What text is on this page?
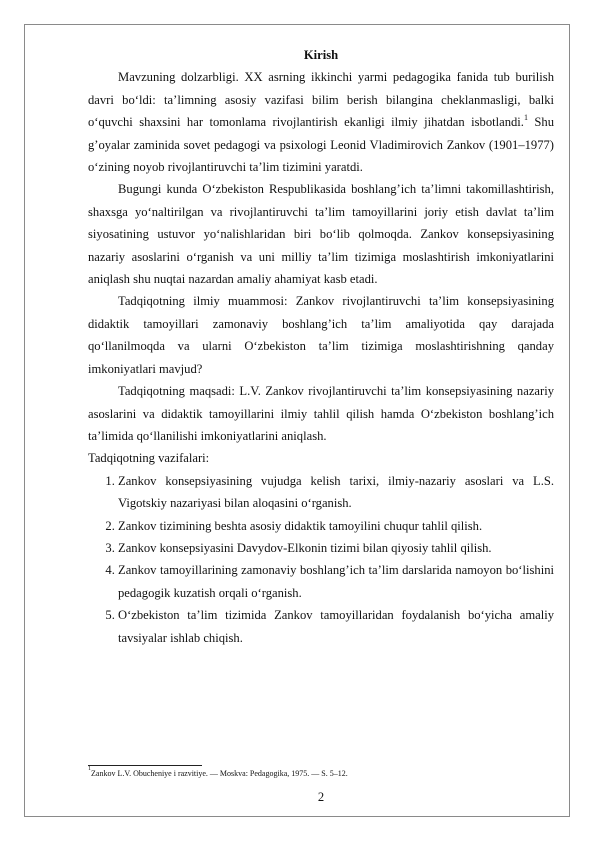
Kirish

Mavzuning dolzarbligi. XX asrning ikkinchi yarmi pedagogika fanida tub burilish davri bo‘ldi: ta’limning asosiy vazifasi bilim berish bilangina cheklanmasligi, balki o‘quvchi shaxsini har tomonlama rivojlantirish ekanligi ilmiy jihatdan isbotlandi.$^1$ Shu g’oyalar zaminida sovet pedagogi va psixologi Leonid Vladimirovich Zankov (1901–1977) o‘zining noyob rivojlantiruvchi ta’lim tizimini yaratdi.

Bugungi kunda O‘zbekiston Respublikasida boshlang’ich ta’limni takomillashtirish, shaxsga yo‘naltirilgan va rivojlantiruvchi ta’lim tamoyillarini joriy etish davlat ta’lim siyosatining ustuvor yo‘nalishlaridan biri bo‘lib qolmoqda. Zankov konsepsiyasining nazariy asoslarini o‘rganish va uni milliy ta’lim tizimiga moslashtirish imkoniyatlarini aniqlash shu nuqtai nazardan amaliy ahamiyat kasb etadi.

Tadqiqotning ilmiy muammosi: Zankov rivojlantiruvchi ta’lim konsepsiyasining didaktik tamoyillari zamonaviy boshlang’ich ta’lim amaliyotida qay darajada qo‘llanilmoqda va ularni O‘zbekiston ta’lim tizimiga moslashtirishning qanday imkoniyatlari mavjud?

Tadqiqotning maqsadi: L.V. Zankov rivojlantiruvchi ta’lim konsepsiyasining nazariy asoslarini va didaktik tamoyillarini ilmiy tahlil qilish hamda O‘zbekiston boshlang’ich ta’limida qo‘llanilishi imkoniyatlarini aniqlash.

Tadqiqotning vazifalari:

1. Zankov konsepsiyasining vujudga kelish tarixi, ilmiy-nazariy asoslari va L.S. Vigotskiy nazariyasi bilan aloqasini o‘rganish.
2. Zankov tizimining beshta asosiy didaktik tamoyilini chuqur tahlil qilish.
3. Zankov konsepsiyasini Davydov-Elkonin tizimi bilan qiyosiy tahlil qilish.
4. Zankov tamoyillarining zamonaviy boshlang’ich ta’lim darslarida namoyon bo‘lishini pedagogik kuzatish orqali o‘rganish.
5. O‘zbekiston ta’lim tizimida Zankov tamoyillaridan foydalanish bo‘yicha amaliy tavsiyalar ishlab chiqish.
$^1$Zankov L.V. Obucheniye i razvitiye. — Moskva: Pedagogika, 1975. — S. 5–12.
2
